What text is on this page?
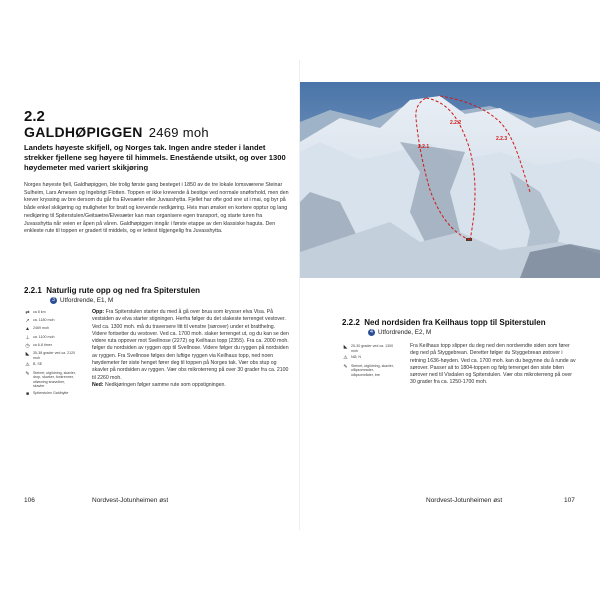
2.2
GALDHØPIGGEN 2469 moh
Landets høyeste skifjell, og Norges tak. Ingen andre steder i landet strekker fjellene seg høyere til himmels. Enestående utsikt, og over 1300 høydemeter med variert skikjøring
Norges høyeste fjell, Galdhøpiggen, ble trolig første gang besteget i 1850 av de tre lokale lomsværene Steinar Sulheim, Lars Arnesen og Ingebrigt Flotten. Toppen er ikke krevende å bestige ved normale snøforhold, men den krever kryssing av bre dersom du går fra Elvesæter eller Juvasshytta. Fjellet har ofte god sne ut i mai, og byr på både enkel skikjøring og muligheter for bratt og krevende nedkjøring. Hvis man ønsker en kortere opptur og lang nedkjøring til Spiterstulen/Geitsætre/Elvesæter kan man organisere egen transport, og starte turen fra Juvasshytta når veien er åpen på våren. Galdhøpiggen inngår i første etappe av den klassiske haguta. Den enkleste rute til toppen er gradert til middels, og er lettest tilgjengelig fra Juvasshytta.
2.2.1 Naturlig rute opp og ned fra Spiterstulen
3 Utfordrende, E1, M
⇄ ca 8 km
↗ ca. 1180 moh
▲ 2469 moh
⊥ ca. 1100 moh
◷ ca 6-8 timer
◣ 35-38 grader ved ca. 2120 moh
⚠ B, SE
✎ Steinet, utglidning, skavler, drop, skarker, fonkrenner, utløsning snøvulker, skavler
■	Spiterstulen Galdhytte
Opp: Fra Spiterstulen starter du med å gå over brua som krysser elva Visa. På vestsiden av elva starter stigningen. Herfra følger du det slakeste terrenget vestover. Ved ca. 1300 moh. må du traversere litt til venstre (sørover) under et bratthelng. Videre fortsetter du vestover. Ved ca. 1700 moh. slaker terrenget ut, og du kan se den videre ruta oppover mot Svellnose (2272) og Keilhaus topp (2355). Fra ca. 2000 moh. følger du nordsiden av ryggen opp til Svellnose. Videre følger du ryggen på nordsiden av ryggen. Fra Svellnose følges den luftige ryggen via Keilhaus topp, ned noen høydemeter før siste henget fører deg til toppen på Norges tak. Vær obs stup og skavler på nordsiden av ryggen. Vær obs mikroterreng på over 30 grader fra ca. 2100 til 2260 moh.
Ned: Nedkjøringen følger samme rute som oppstigningen.
106	Nordvest-Jotunheimen øst
2.2.1
2.2.2
2.2.3
2.2.2 Ned nordsiden fra Keilhaus topp til Spiterstulen
4 Utfordrende, E2, M
◣ 25-30 grader ved ca. 1300 moh
⚠ NØ, N
✎ Steinet, utglidning, skavler, ulåpsomrader, ulåpsområder, bre
Fra Keilhaus topp slipper du deg ned den nordvendte siden som fører deg ned på Styggebrean. Deretter følger du Styggebrean østover i retning 1636-høyden. Ved ca. 1700 moh. kan du begynne du å runde av sørover. Passer ait to 1804-toppen og følg terrenget den siste biten sørover ned til Visdalen og Spiterstulen. Vær obs mikroterreng på over 30 grader fra ca. 1250-1700 moh.
Nordvest-Jotunheimen øst	107
